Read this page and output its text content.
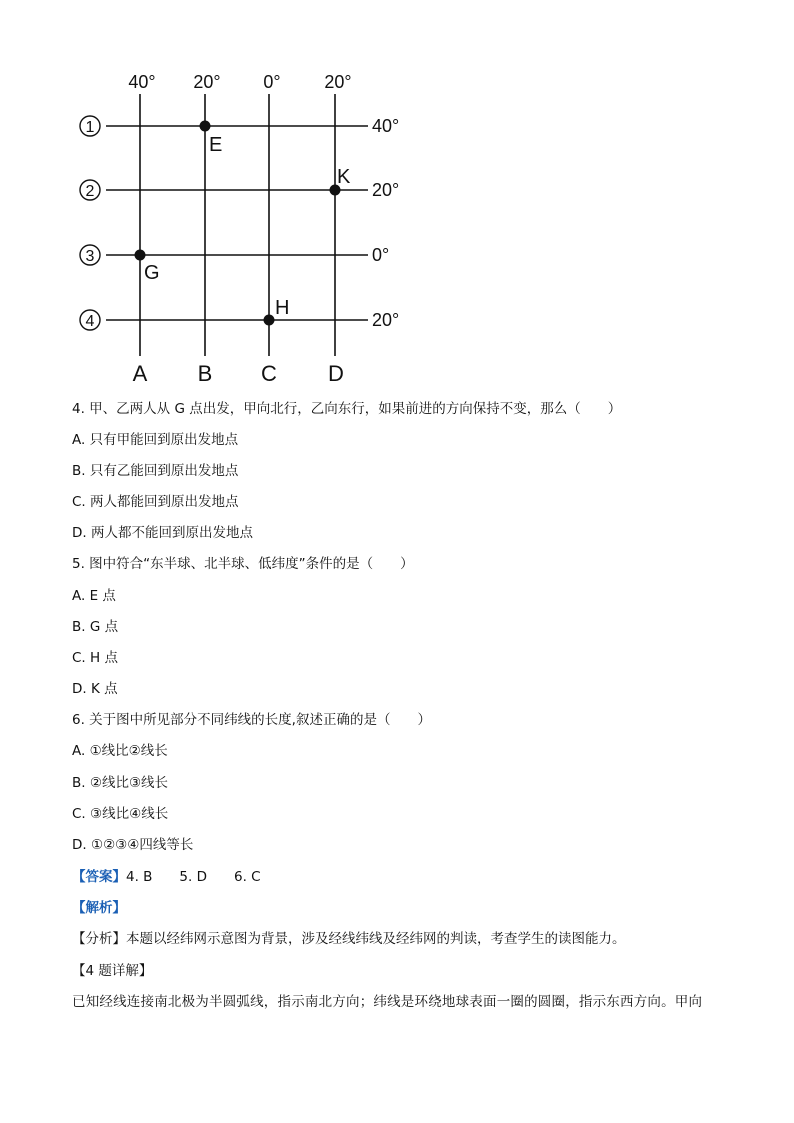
40° 20° 0° 20°
40°
20°
0°
20°
1
2
3
4
A B C D
E
K
G
H
4. 甲、乙两人从 G 点出发，甲向北行，乙向东行，如果前进的方向保持不变，那么（　　）
A. 只有甲能回到原出发地点
B. 只有乙能回到原出发地点
C. 两人都能回到原出发地点
D. 两人都不能回到原出发地点
5. 图中符合“东半球、北半球、低纬度”条件的是（　　）
A. E 点
B. G 点
C. H 点
D. K 点
6. 关于图中所见部分不同纬线的长度,叙述正确的是（　　）
A. ①线比②线长
B. ②线比③线长
C. ③线比④线长
D. ①②③④四线等长
【答案】4. B　　5. D　　6. C
【解析】
【分析】本题以经纬网示意图为背景，涉及经线纬线及经纬网的判读，考查学生的读图能力。
【4 题详解】
已知经线连接南北极为半圆弧线，指示南北方向；纬线是环绕地球表面一圈的圆圈，指示东西方向。甲向
